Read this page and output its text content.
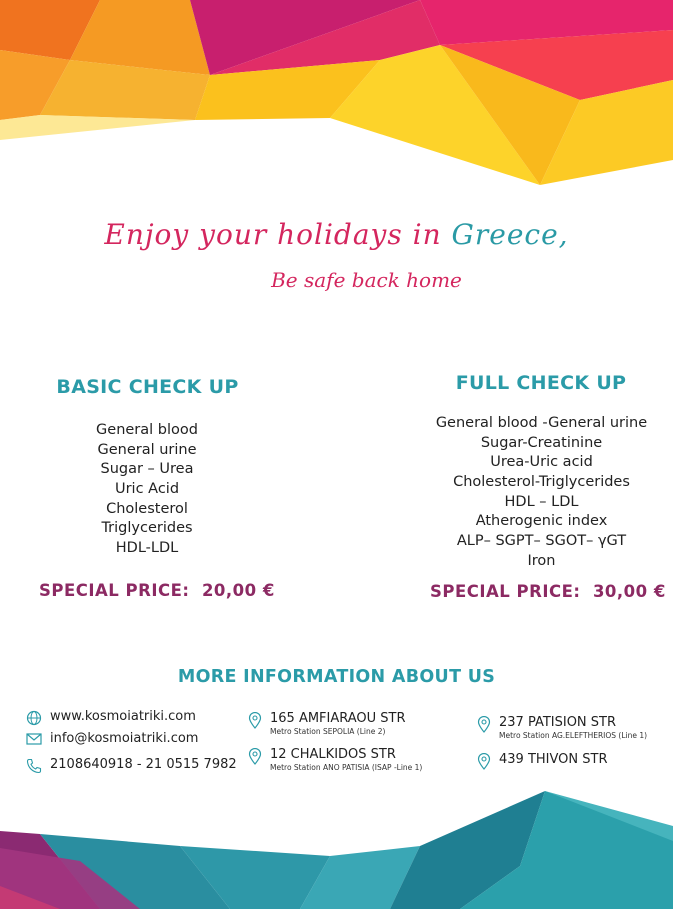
Enjoy your holidays in Greece,
Be safe back home
BASIC CHECK UP
General blood
General urine
Sugar – Urea
Uric Acid
Cholesterol
Triglycerides
HDL-LDL
SPECIAL PRICE: 20,00 €
FULL CHECK UP
General blood -General urine
Sugar-Creatinine
Urea-Uric acid
Cholesterol-Triglycerides
HDL – LDL
Atherogenic index
ALP– SGPT– SGOT– γGT
Iron
SPECIAL PRICE: 30,00 €
MORE INFORMATION ABOUT US
www.kosmoiatriki.com
info@kosmoiatriki.com
2108640918 - 21 0515 7982
165 AMFIARAOU STR
Metro Station SEPOLIA (Line 2)
12 CHALKIDOS STR
Metro Station ANO PATISIA (ISAP -Line 1)
237 PATISION STR
Metro Station AG.ELEFTHERIOS (Line 1)
439 THIVON STR
